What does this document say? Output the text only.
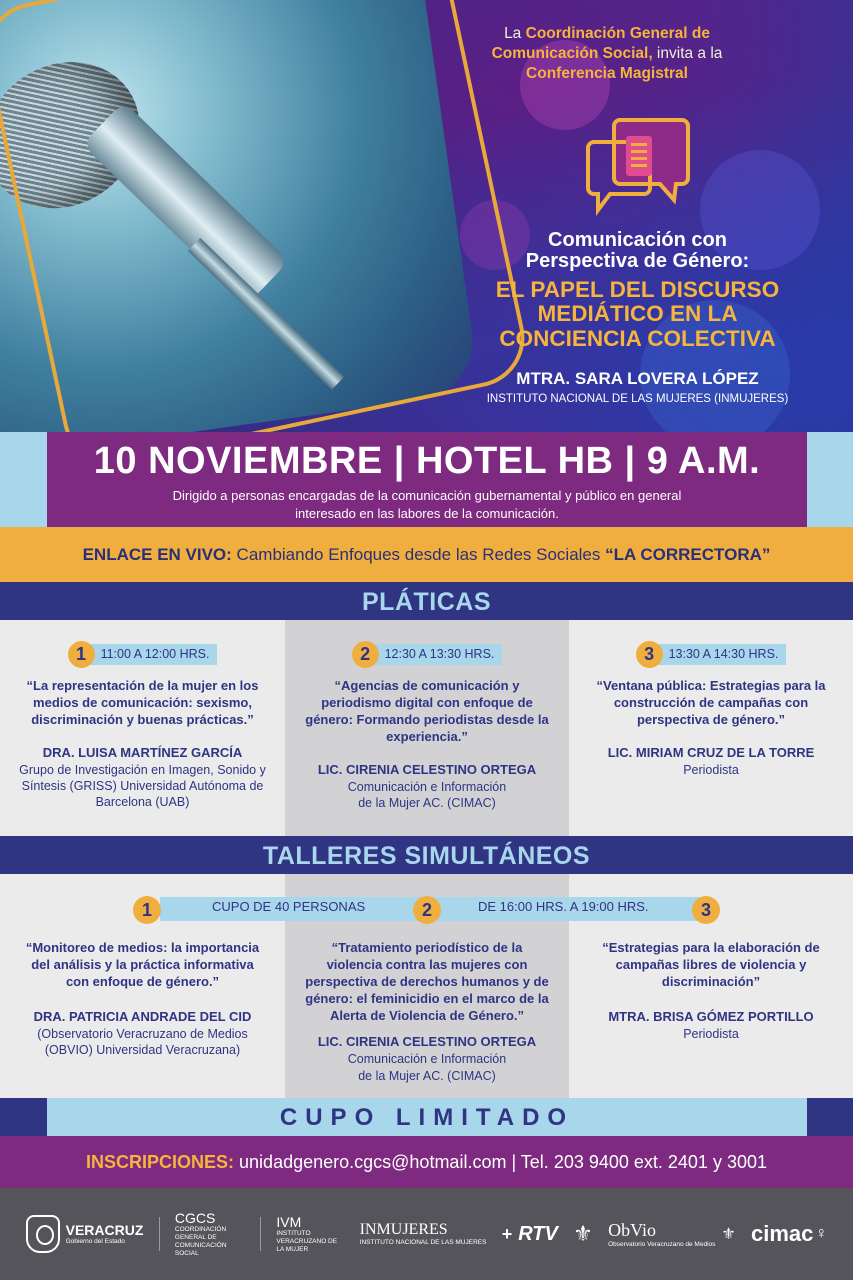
La Coordinación General de
Comunicación Social, invita a la
Conferencia Magistral
Comunicación con
Perspectiva de Género:
EL PAPEL DEL DISCURSO
MEDIÁTICO EN LA
CONCIENCIA COLECTIVA
MTRA. SARA LOVERA LÓPEZ
INSTITUTO NACIONAL DE LAS MUJERES (INMUJERES)
10 NOVIEMBRE | HOTEL HB | 9 A.M.
Dirigido a personas encargadas de la comunicación gubernamental y público en general
interesado en las labores de la comunicación.
ENLACE EN VIVO: Cambiando Enfoques desde las Redes Sociales “LA CORRECTORA”
PLÁTICAS
1	11:00 A 12:00 HRS.
“La representación de la mujer en los medios de comunicación: sexismo, discriminación y buenas prácticas.”
DRA. LUISA MARTÍNEZ GARCÍA
Grupo de Investigación en Imagen, Sonido y Síntesis (GRISS) Universidad Autónoma de Barcelona (UAB)
2	12:30 A 13:30 HRS.
“Agencias de comunicación y periodismo digital con enfoque de género: Formando periodistas desde la experiencia.”
LIC. CIRENIA CELESTINO ORTEGA
Comunicación e Información de la Mujer AC. (CIMAC)
3	13:30 A 14:30 HRS.
“Ventana pública: Estrategias para la construcción de campañas con perspectiva de género.”
LIC. MIRIAM CRUZ DE LA TORRE
Periodista
TALLERES SIMULTÁNEOS
“Monitoreo de medios: la importancia del análisis y la práctica informativa con enfoque de género.”
DRA. PATRICIA ANDRADE DEL CID
(Observatorio Veracruzano de Medios (OBVIO) Universidad Veracruzana)
“Tratamiento periodístico de la violencia contra las mujeres con perspectiva de derechos humanos y de género: el feminicidio en el marco de la Alerta de Violencia de Género.”
LIC. CIRENIA CELESTINO ORTEGA
Comunicación e Información de la Mujer AC. (CIMAC)
“Estrategias para la elaboración de campañas libres de violencia y discriminación”
MTRA. BRISA GÓMEZ PORTILLO
Periodista
1	2	3
CUPO DE 40 PERSONAS	DE 16:00 HRS. A 19:00 HRS.
CUPO LIMITADO
INSCRIPCIONES: unidadgenero.cgcs@hotmail.com | Tel. 203 9400 ext. 2401 y 3001
VERACRUZ
Gobierno del Estado
CGCS
COORDINACIÓN GENERAL DE COMUNICACIÓN SOCIAL
IVM
INSTITUTO VERACRUZANO DE LA MUJER
INMUJERES
INSTITUTO NACIONAL DE LAS MUJERES + RTV ⚜ ObVio
Observatorio Veracruzano de Medios
⚜ cimac ♀
